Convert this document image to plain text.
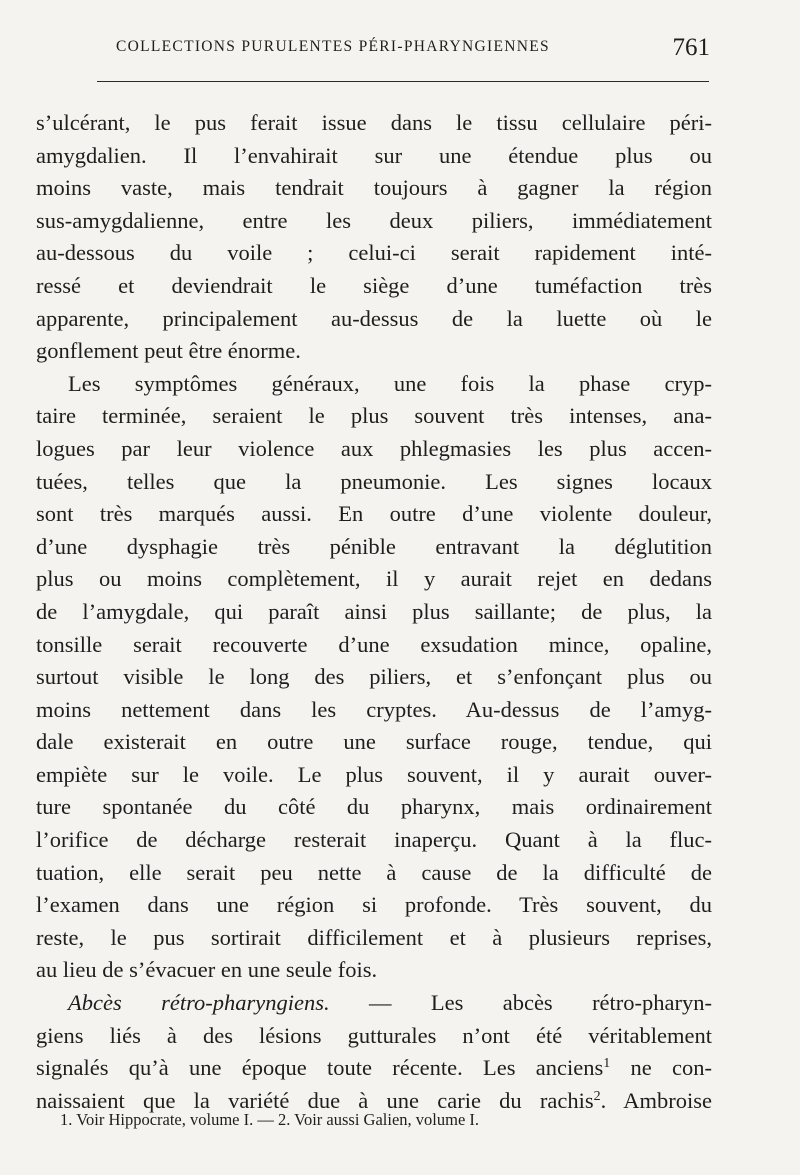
COLLECTIONS PURULENTES PÉRI-PHARYNGIENNES	761
s’ulcérant, le pus ferait issue dans le tissu cellulaire péri-
amygdalien. Il l’envahirait sur une étendue plus ou
moins vaste, mais tendrait toujours à gagner la région
sus-amygdalienne, entre les deux piliers, immédiatement
au-dessous du voile ; celui-ci serait rapidement inté-
ressé et deviendrait le siège d’une tuméfaction très
apparente, principalement au-dessus de la luette où le
gonflement peut être énorme.
Les symptômes généraux, une fois la phase cryp-
taire terminée, seraient le plus souvent très intenses, ana-
logues par leur violence aux phlegmasies les plus accen-
tuées, telles que la pneumonie. Les signes locaux
sont très marqués aussi. En outre d’une violente douleur,
d’une dysphagie très pénible entravant la déglutition
plus ou moins complètement, il y aurait rejet en dedans
de l’amygdale, qui paraît ainsi plus saillante; de plus, la
tonsille serait recouverte d’une exsudation mince, opaline,
surtout visible le long des piliers, et s’enfonçant plus ou
moins nettement dans les cryptes. Au-dessus de l’amyg-
dale existerait en outre une surface rouge, tendue, qui
empiète sur le voile. Le plus souvent, il y aurait ouver-
ture spontanée du côté du pharynx, mais ordinairement
l’orifice de décharge resterait inaperçu. Quant à la fluc-
tuation, elle serait peu nette à cause de la difficulté de
l’examen dans une région si profonde. Très souvent, du
reste, le pus sortirait difficilement et à plusieurs reprises,
au lieu de s’évacuer en une seule fois.
Abcès rétro-pharyngiens. — Les abcès rétro-pharyn-
giens liés à des lésions gutturales n’ont été véritablement
signalés qu’à une époque toute récente. Les anciens$^1$ ne con-
naissaient que la variété due à une carie du rachis$^2$. Ambroise
1. Voir Hippocrate, volume I. — 2. Voir aussi Galien, volume I.
